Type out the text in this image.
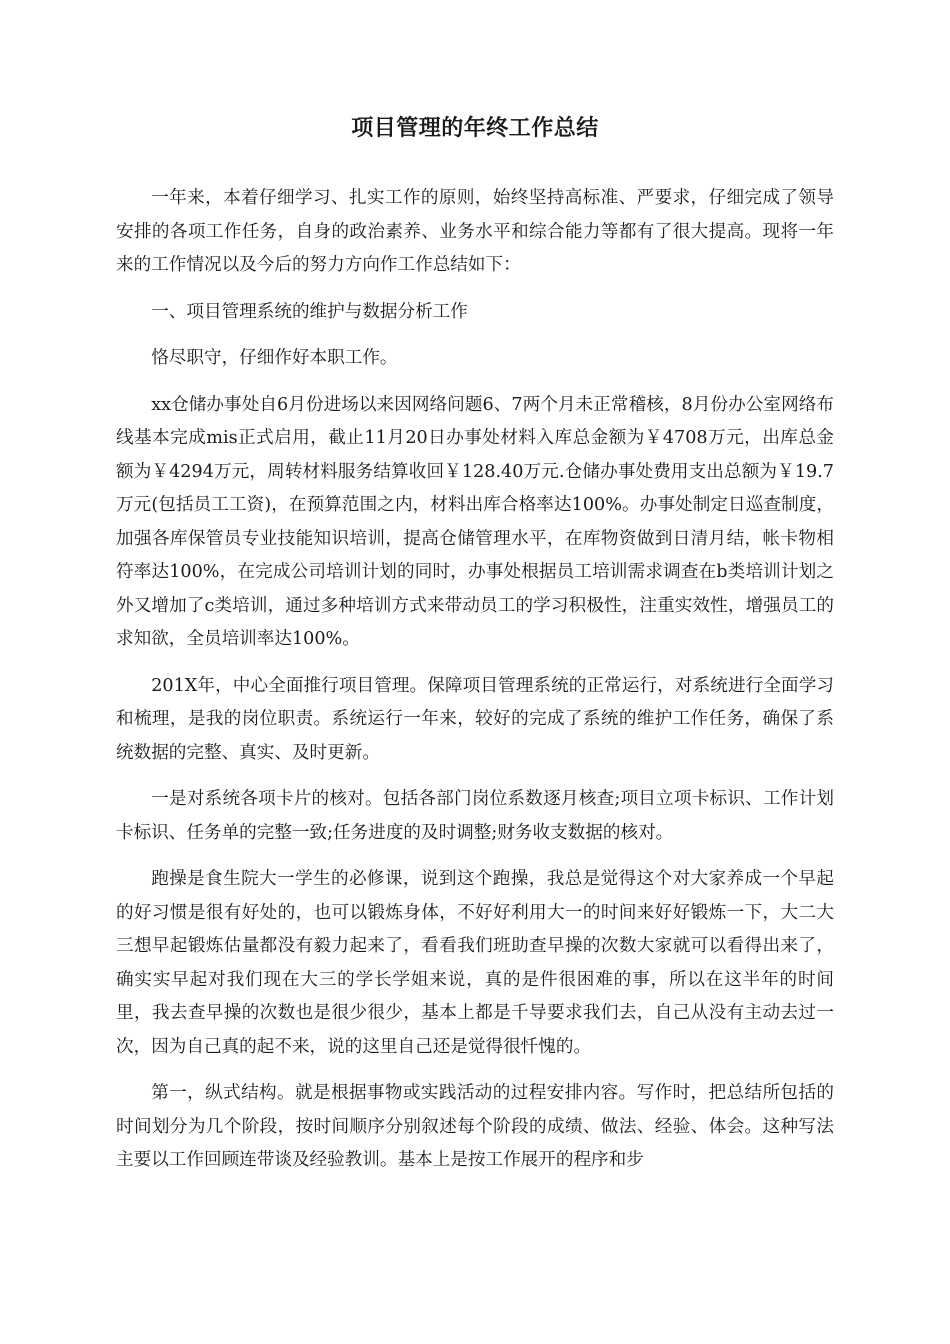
项目管理的年终工作总结

一年来，本着仔细学习、扎实工作的原则，始终坚持高标准、严要求，仔细完成了领导安排的各项工作任务，自身的政治素养、业务水平和综合能力等都有了很大提高。现将一年来的工作情况以及今后的努力方向作工作总结如下：

一、项目管理系统的维护与数据分析工作

恪尽职守，仔细作好本职工作。

xx仓储办事处自6月份进场以来因网络问题6、7两个月未正常稽核，8月份办公室网络布线基本完成mis正式启用，截止11月20日办事处材料入库总金额为￥4708万元，出库总金额为￥4294万元，周转材料服务结算收回￥128.40万元.仓储办事处费用支出总额为￥19.7万元(包括员工工资)，在预算范围之内，材料出库合格率达100%。办事处制定日巡查制度，加强各库保管员专业技能知识培训，提高仓储管理水平，在库物资做到日清月结，帐卡物相符率达100%，在完成公司培训计划的同时，办事处根据员工培训需求调查在b类培训计划之外又增加了c类培训，通过多种培训方式来带动员工的学习积极性，注重实效性，增强员工的求知欲，全员培训率达100%。

201X年，中心全面推行项目管理。保障项目管理系统的正常运行，对系统进行全面学习和梳理，是我的岗位职责。系统运行一年来，较好的完成了系统的维护工作任务，确保了系统数据的完整、真实、及时更新。

一是对系统各项卡片的核对。包括各部门岗位系数逐月核查;项目立项卡标识、工作计划卡标识、任务单的完整一致;任务进度的及时调整;财务收支数据的核对。

跑操是食生院大一学生的必修课，说到这个跑操，我总是觉得这个对大家养成一个早起的好习惯是很有好处的，也可以锻炼身体，不好好利用大一的时间来好好锻炼一下，大二大三想早起锻炼估量都没有毅力起来了，看看我们班助查早操的次数大家就可以看得出来了，确实实早起对我们现在大三的学长学姐来说，真的是件很困难的事，所以在这半年的时间里，我去查早操的次数也是很少很少，基本上都是千导要求我们去，自己从没有主动去过一次，因为自己真的起不来，说的这里自己还是觉得很忏愧的。

第一，纵式结构。就是根据事物或实践活动的过程安排内容。写作时，把总结所包括的时间划分为几个阶段，按时间顺序分别叙述每个阶段的成绩、做法、经验、体会。这种写法主要以工作回顾连带谈及经验教训。基本上是按工作展开的程序和步
